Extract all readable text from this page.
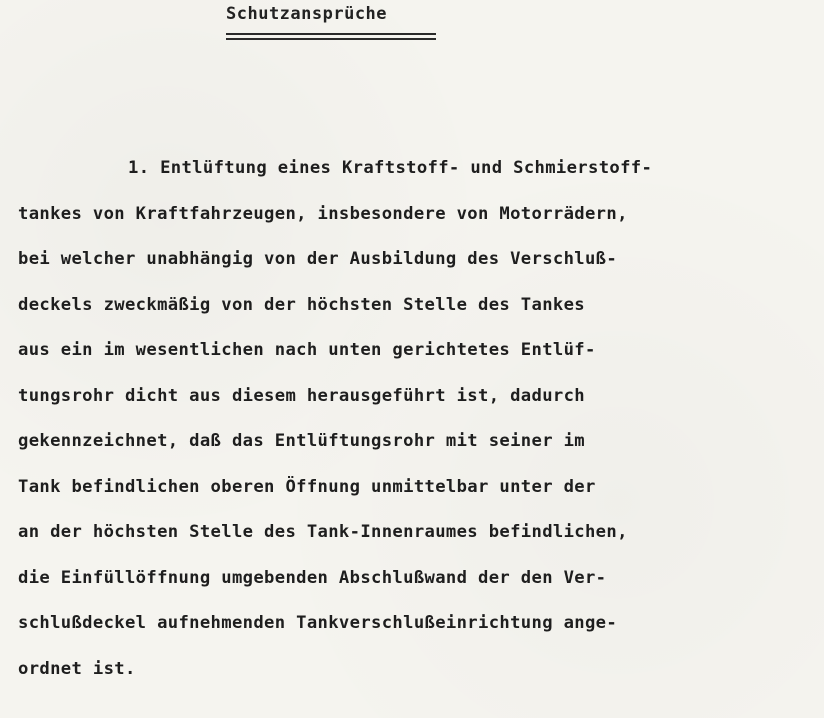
Schutzansprüche
1. Entlüftung eines Kraftstoff- und Schmierstoff-
tankes von Kraftfahrzeugen, insbesondere von Motorrädern,
bei welcher unabhängig von der Ausbildung des Verschluß-
deckels zweckmäßig von der höchsten Stelle des Tankes
aus ein im wesentlichen nach unten gerichtetes Entlüf-
tungsrohr dicht aus diesem herausgeführt ist, dadurch
gekennzeichnet, daß das Entlüftungsrohr mit seiner im
Tank befindlichen oberen Öffnung unmittelbar unter der
an der höchsten Stelle des Tank-Innenraumes befindlichen,
die Einfüllöffnung umgebenden Abschlußwand der den Ver-
schlußdeckel aufnehmenden Tankverschlußeinrichtung ange-
ordnet ist.
